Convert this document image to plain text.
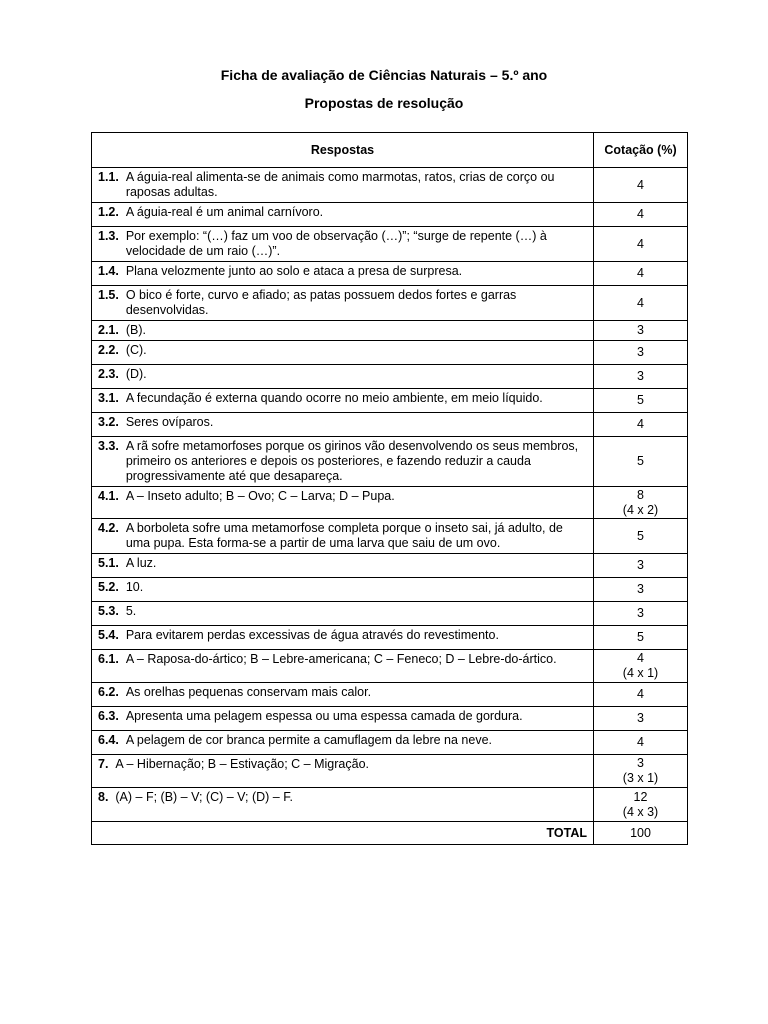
Ficha de avaliação de Ciências Naturais – 5.º ano
Propostas de resolução
Respostas	Cotação (%)

1.1.
A águia-real alimenta-se de animais como marmotas, ratos, crias de corço ou raposas adultas.	4

1.2.
A águia-real é um animal carnívoro.	4

1.3.
Por exemplo: “(…) faz um voo de observação (…)”; “surge de repente (…) à velocidade de um raio (…)”.	4

1.4.
Plana velozmente junto ao solo e ataca a presa de surpresa.	4

1.5.
O bico é forte, curvo e afiado; as patas possuem dedos fortes e garras desenvolvidas.	4

2.1.
(B).	3

2.2.
(C).	3

2.3.
(D).	3

3.1.
A fecundação é externa quando ocorre no meio ambiente, em meio líquido.	5

3.2.
Seres ovíparos.	4

3.3.
A rã sofre metamorfoses porque os girinos vão desenvolvendo os seus membros, primeiro os anteriores e depois os posteriores, e fazendo reduzir a cauda progressivamente até que desapareça.	5

4.1.
A – Inseto adulto; B – Ovo; C – Larva; D – Pupa.	8
(4 x 2)

4.2.
A borboleta sofre uma metamorfose completa porque o inseto sai, já adulto, de uma pupa. Esta forma-se a partir de uma larva que saiu de um ovo.	5

5.1.
A luz.	3

5.2.
10.	3

5.3.
5.	3

5.4.
Para evitarem perdas excessivas de água através do revestimento.	5

6.1.
A – Raposa-do-ártico; B – Lebre-americana; C – Feneco; D – Lebre-do-ártico.	4
(4 x 1)

6.2.
As orelhas pequenas conservam mais calor.	4

6.3.
Apresenta uma pelagem espessa ou uma espessa camada de gordura.	3

6.4.
A pelagem de cor branca permite a camuflagem da lebre na neve.	4

7.
A – Hibernação; B – Estivação; C – Migração.	3
(3 x 1)

8.
(A) – F; (B) – V; (C) – V; (D) – F.	12
(4 x 3)

TOTAL	100
